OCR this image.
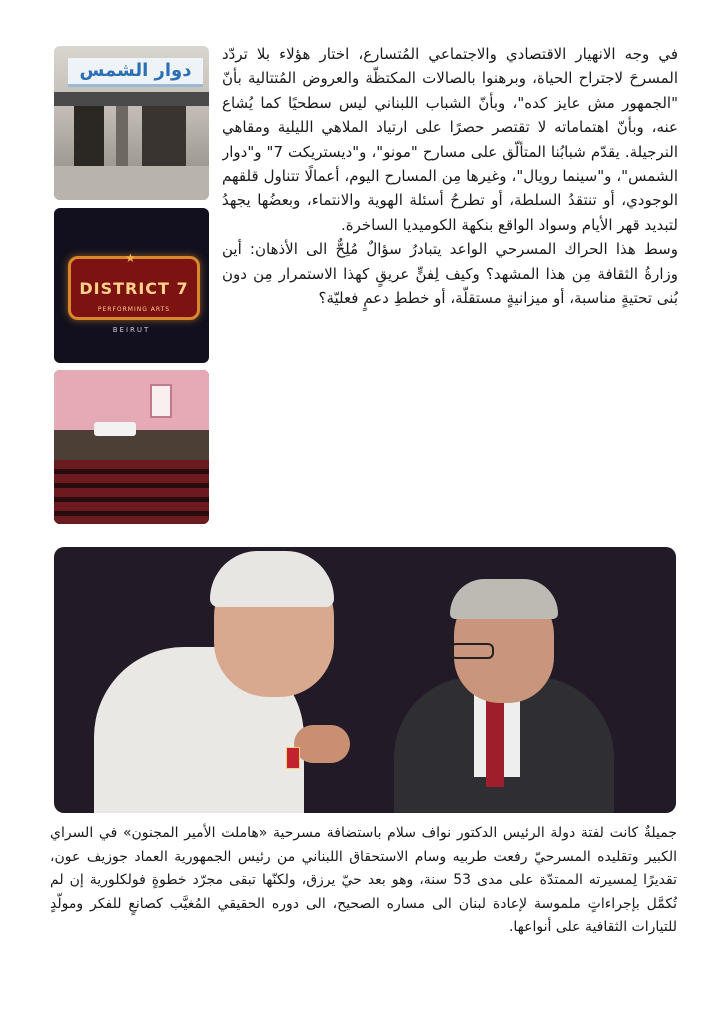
في وجه الانهيار الاقتصادي والاجتماعي المُتسارع، اختار هؤلاء بلا تردّد المسرحَ لاجتراح الحياة، وبرهنوا بالصالات المكتظّة والعروض المُتتالية بأنّ "الجمهور مش عايز كده"، وبأنّ الشباب اللبناني ليس سطحيًا كما يُشاع عنه، وبأنّ اهتماماته لا تقتصر حصرًا على ارتياد الملاهي الليلية ومقاهي النرجيلة. يقدّم شبابُنا المتألّق على مسارح "مونو"، و"ديستريكت 7" و"دوار الشمس"، و"سينما رويال"، وغيرها مِن المسارح اليوم، أعمالًا تتناول قلقهم الوجودي، أو تنتقدُ السلطة، أو تطرحُ أسئلة الهوية والانتماء، وبعضُها يجهدُ لتبديد قهر الأيام وسواد الواقع بنكهة الكوميديا الساخرة.

وسط هذا الحراك المسرحي الواعد يتبادرُ سؤالٌ مُلِحٌّ الى الأذهان: أين وزارةُ الثقافة مِن هذا المشهد؟ وكيف لِفنٍّ عريقٍ كهذا الاستمرار مِن دون بُنى تحتيةٍ مناسبة، أو ميزانيةٍ مستقلّة، أو خططِ دعمٍ فعليّة؟

دوار الشمس
★
DISTRICT 7
PERFORMING ARTS
BEIRUT

جميلةٌ كانت لفتة دولة الرئيس الدكتور نواف سلام باستضافة مسرحية «هاملت الأمير المجنون» في السراي الكبير وتقليده المسرحيّ رفعت طربيه وسام الاستحقاق اللبناني من رئيس الجمهورية العماد جوزيف عون، تقديرًا لِمسيرته الممتدّة على مدى 53 سنة، وهو بعد حيّ يرزق، ولكنّها تبقى مجرّد خطوةٍ فولكلورية إن لم تُكمَّل بإجراءاتٍ ملموسة لإعادة لبنان الى مساره الصحيح، الى دوره الحقيقي المُغيَّب كصانعٍ للفكر ومولّدٍ للتيارات الثقافية على أنواعها.
